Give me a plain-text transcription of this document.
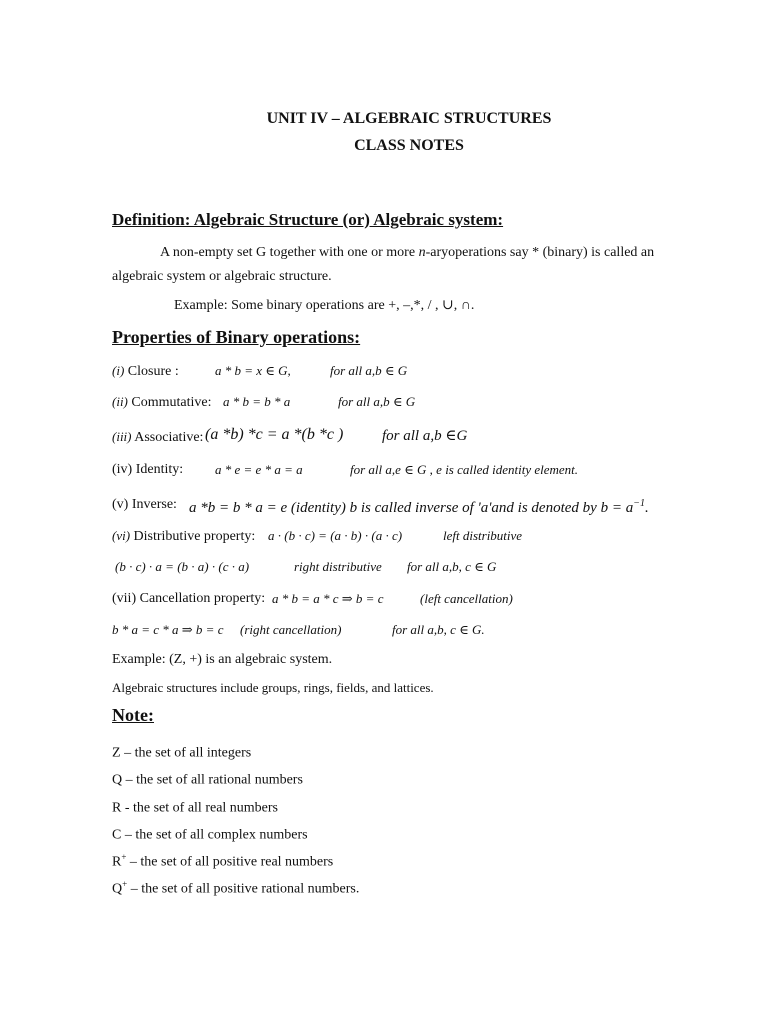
UNIT IV – ALGEBRAIC STRUCTURES
CLASS NOTES
Definition: Algebraic Structure (or) Algebraic system:
A non-empty set G together with one or more n-aryoperations say * (binary) is called an
algebraic system or algebraic structure.
Example: Some binary operations are +, –,*, / , ∪, ∩.
Properties of Binary operations:
(i) Closure :	a * b = x ∈ G,	for all a,b ∈ G
(ii) Commutative: a * b = b * a	for all a,b ∈ G
(iii) Associative: (a *b) *c = a *(b *c )	for all a,b ∈G
(iv) Identity: a * e = e * a = a	for all a,e ∈ G , e is called identity element.
(v) Inverse: a *b = b * a = e (identity) b is called inverse of 'a'and is denoted by $b = a^{-1}$.
(vi) Distributive property: a · (b · c) = (a · b) · (a · c)	left distributive
(b · c) · a = (b · a) · (c · a)	right distributive for all a,b, c ∈ G
(vii) Cancellation property: a * b = a * c ⇒ b = c	(left cancellation)
b * a = c * a ⇒ b = c (right cancellation)	for all a,b, c ∈ G.
Example: (Z, +) is an algebraic system.
Algebraic structures include groups, rings, fields, and lattices.
Note:
Z – the set of all integers
Q – the set of all rational numbers
R - the set of all real numbers
C – the set of all complex numbers
R+ – the set of all positive real numbers
Q+ – the set of all positive rational numbers.
